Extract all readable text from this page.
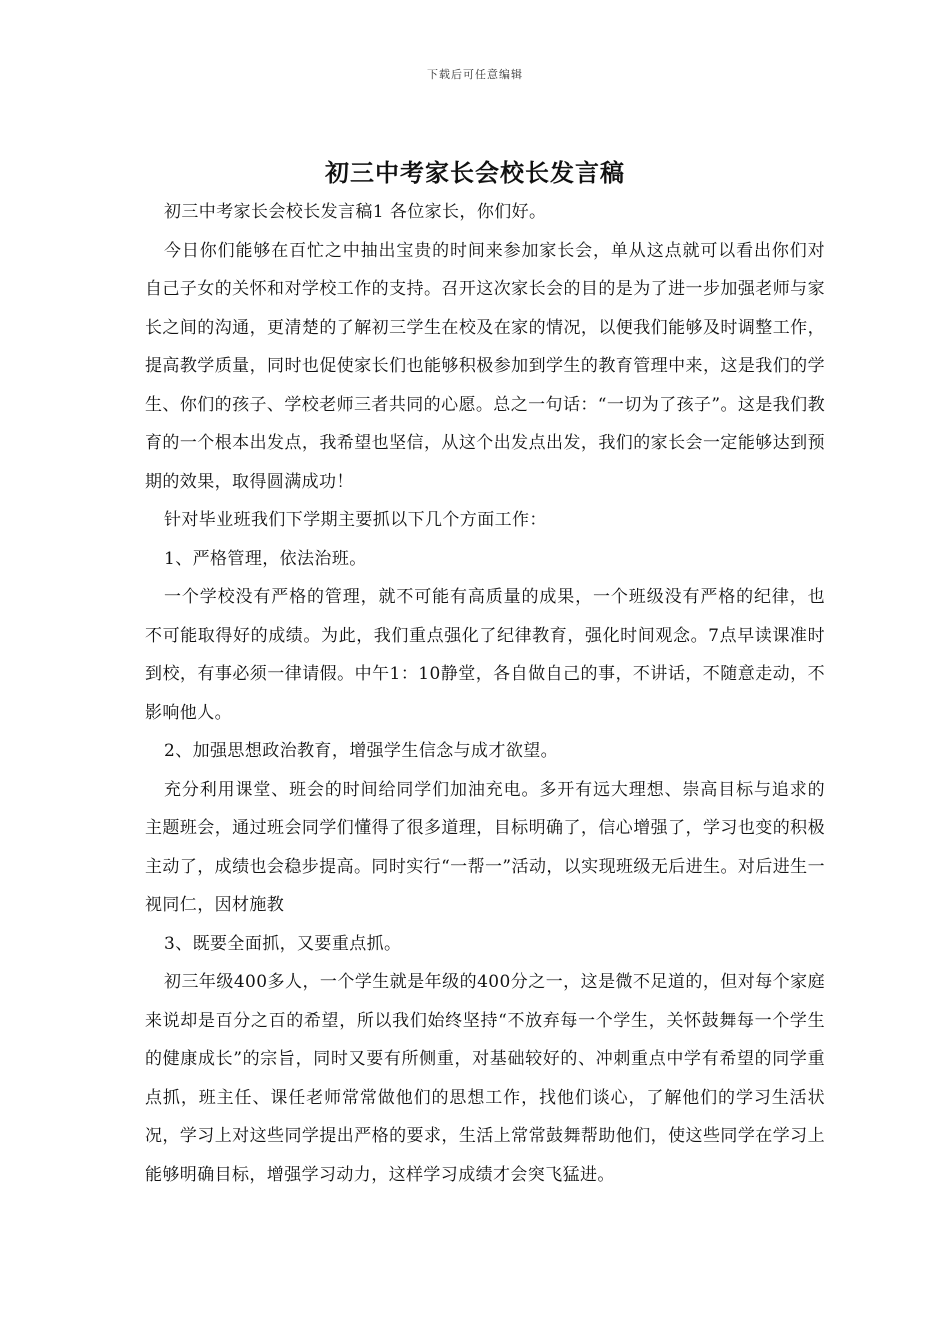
下载后可任意编辑
初三中考家长会校长发言稿

初三中考家长会校长发言稿1 各位家长，你们好。

今日你们能够在百忙之中抽出宝贵的时间来参加家长会，单从这点就可以看出你们对自己子女的关怀和对学校工作的支持。召开这次家长会的目的是为了进一步加强老师与家长之间的沟通，更清楚的了解初三学生在校及在家的情况，以便我们能够及时调整工作，提高教学质量，同时也促使家长们也能够积极参加到学生的教育管理中来，这是我们的学生、你们的孩子、学校老师三者共同的心愿。总之一句话：“一切为了孩子”。这是我们教育的一个根本出发点，我希望也坚信，从这个出发点出发，我们的家长会一定能够达到预期的效果，取得圆满成功！

针对毕业班我们下学期主要抓以下几个方面工作：

1、严格管理，依法治班。

一个学校没有严格的管理，就不可能有高质量的成果，一个班级没有严格的纪律，也不可能取得好的成绩。为此，我们重点强化了纪律教育，强化时间观念。7点早读课准时到校，有事必须一律请假。中午1：10静堂，各自做自己的事，不讲话，不随意走动，不影响他人。

2、加强思想政治教育，增强学生信念与成才欲望。

充分利用课堂、班会的时间给同学们加油充电。多开有远大理想、崇高目标与追求的主题班会，通过班会同学们懂得了很多道理，目标明确了，信心增强了，学习也变的积极主动了，成绩也会稳步提高。同时实行“一帮一”活动，以实现班级无后进生。对后进生一视同仁，因材施教

3、既要全面抓，又要重点抓。

初三年级400多人，一个学生就是年级的400分之一，这是微不足道的，但对每个家庭来说却是百分之百的希望，所以我们始终坚持“不放弃每一个学生，关怀鼓舞每一个学生的健康成长”的宗旨，同时又要有所侧重，对基础较好的、冲刺重点中学有希望的同学重点抓，班主任、课任老师常常做他们的思想工作，找他们谈心，了解他们的学习生活状况，学习上对这些同学提出严格的要求，生活上常常鼓舞帮助他们，使这些同学在学习上能够明确目标，增强学习动力，这样学习成绩才会突飞猛进。
